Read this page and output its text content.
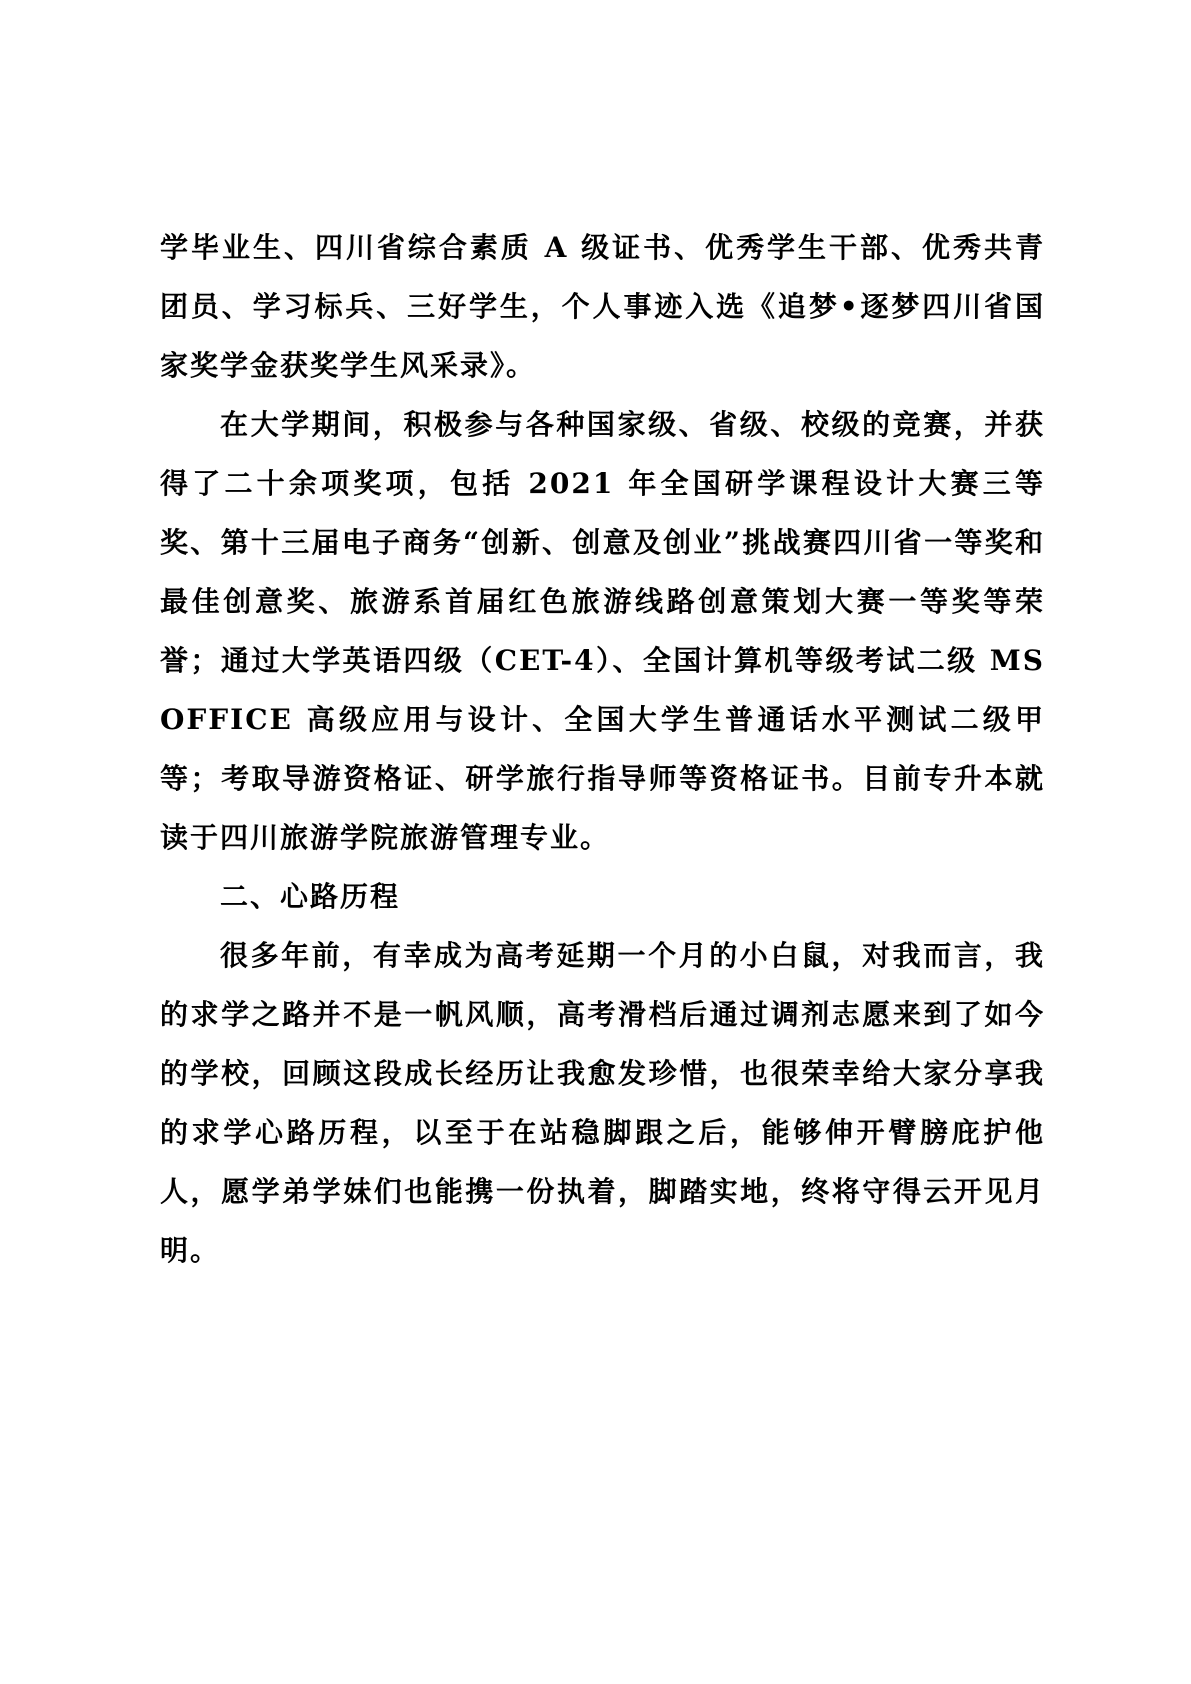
学毕业生、四川省综合素质 A 级证书、优秀学生干部、优秀共青团员、学习标兵、三好学生，个人事迹入选《追梦•逐梦四川省国家奖学金获奖学生风采录》。

在大学期间，积极参与各种国家级、省级、校级的竞赛，并获得了二十余项奖项，包括 2021 年全国研学课程设计大赛三等奖、第十三届电子商务“创新、创意及创业”挑战赛四川省一等奖和最佳创意奖、旅游系首届红色旅游线路创意策划大赛一等奖等荣誉；通过大学英语四级（CET-4）、全国计算机等级考试二级 MS OFFICE 高级应用与设计、全国大学生普通话水平测试二级甲等；考取导游资格证、研学旅行指导师等资格证书。目前专升本就读于四川旅游学院旅游管理专业。

二、心路历程

很多年前，有幸成为高考延期一个月的小白鼠，对我而言，我的求学之路并不是一帆风顺，高考滑档后通过调剂志愿来到了如今的学校，回顾这段成长经历让我愈发珍惜，也很荣幸给大家分享我的求学心路历程，以至于在站稳脚跟之后，能够伸开臂膀庇护他人，愿学弟学妹们也能携一份执着，脚踏实地，终将守得云开见月明。
